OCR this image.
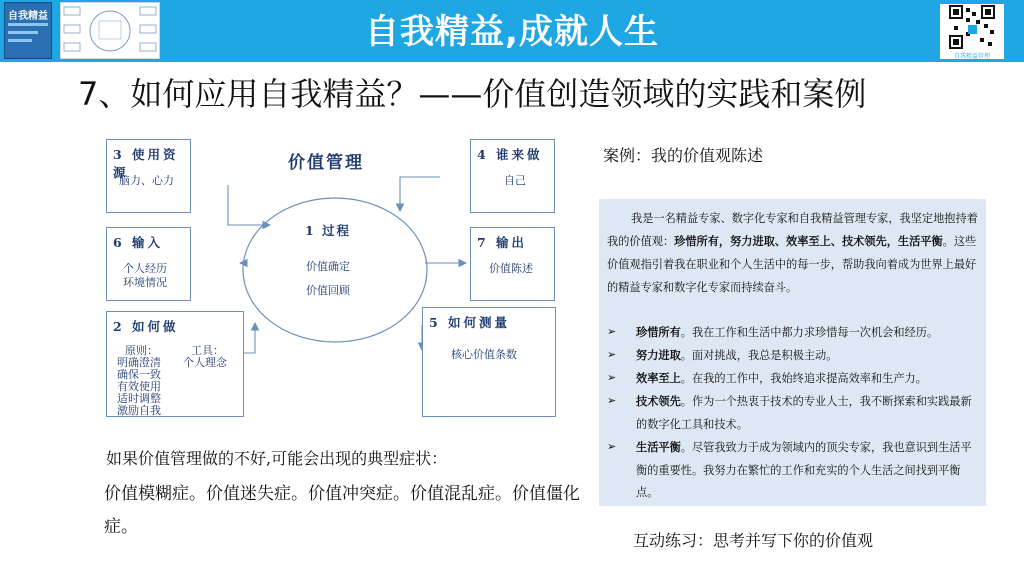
自我精益	自我精益,成就人生
自我精益管理
7、如何应用自我精益？——价值创造领域的实践和案例
价值管理
1 过程
价值确定
价值回顾
3 使用资源
脑力、心力
4 谁来做
自己
6 输入
个人经历
环境情况
7 输出
价值陈述
2 如何做
原则：	工具：
个人理念
明确澄清
确保一致
有效使用
适时调整
激励自我
5 如何测量
核心价值条数
案例：我的价值观陈述
我是一名精益专家、数字化专家和自我精益管理专家，我坚定地抱持着我的价值观：珍惜所有，努力进取、效率至上、技术领先，生活平衡。这些价值观指引着我在职业和个人生活中的每一步，帮助我向着成为世界上最好的精益专家和数字化专家而持续奋斗。
➢ 珍惜所有。我在工作和生活中都力求珍惜每一次机会和经历。
➢ 努力进取。面对挑战，我总是积极主动。
➢ 效率至上。在我的工作中，我始终追求提高效率和生产力。
➢ 技术领先。作为一个热衷于技术的专业人士，我不断探索和实践最新的数字化工具和技术。
➢ 生活平衡。尽管我致力于成为领域内的顶尖专家，我也意识到生活平衡的重要性。我努力在繁忙的工作和充实的个人生活之间找到平衡点。
如果价值管理做的不好,可能会出现的典型症状：
价值模糊症。价值迷失症。价值冲突症。价值混乱症。价值僵化症。
互动练习：思考并写下你的价值观
